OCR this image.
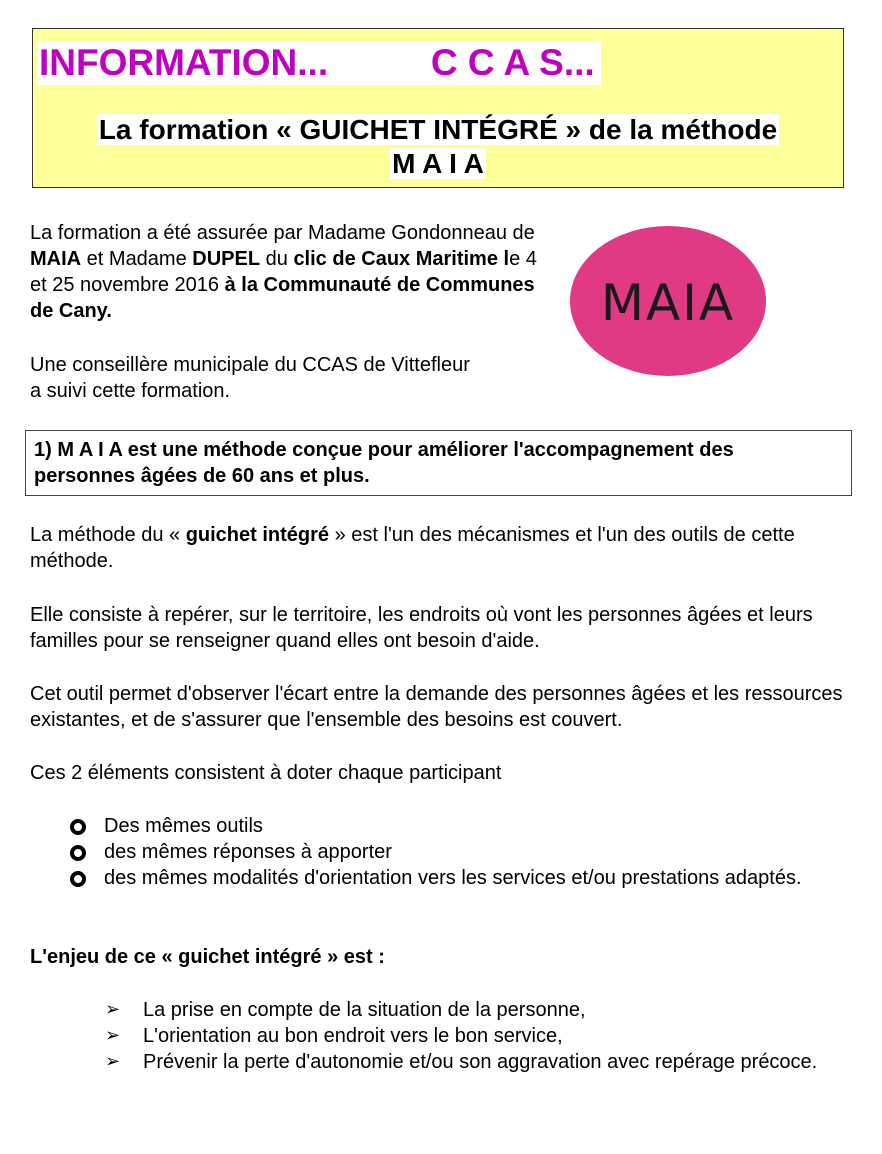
INFORMATION...          C C A S...
La formation « GUICHET INTÉGRÉ » de la méthode
M A I A

La formation a été assurée par Madame Gondonneau de MAIA et Madame DUPEL du clic de Caux Maritime le 4 et 25 novembre 2016 à la Communauté de Communes de Cany.

Une conseillère municipale du CCAS de Vittefleur
a suivi cette formation.

MAIA
1) M A I A est une méthode conçue pour améliorer l'accompagnement des
personnes âgées de 60 ans et plus.

La méthode du « guichet intégré » est l'un des mécanismes et l'un des outils de cette méthode.

Elle consiste à repérer, sur le territoire, les endroits où vont les personnes âgées et leurs familles pour se renseigner quand elles ont besoin d'aide.

Cet outil permet d'observer l'écart entre la demande des personnes âgées et les ressources existantes, et de s'assurer que l'ensemble des besoins est couvert.

Ces 2 éléments consistent à doter chaque participant

Des mêmes outils
des mêmes réponses à apporter
des mêmes modalités d'orientation vers les services et/ou prestations adaptés.

L'enjeu de ce « guichet intégré » est :

➢ La prise en compte de la situation de la personne,
➢ L'orientation au bon endroit vers le bon service,
➢ Prévenir la perte d'autonomie et/ou son aggravation avec repérage précoce.
